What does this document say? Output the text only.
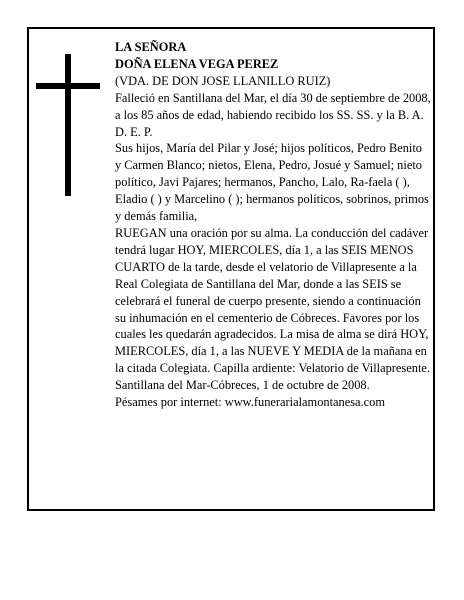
LA SEÑORA

DOÑA ELENA VEGA PEREZ

(VDA. DE DON JOSE LLANILLO RUIZ)

Falleció en Santillana del Mar, el día 30 de septiembre de 2008, a los 85 años de edad, habiendo recibido los SS. SS. y la B. A.

D. E. P.

Sus hijos, María del Pilar y José; hijos políticos, Pedro Benito y Carmen Blanco; nietos, Elena, Pedro, Josué y Samuel; nieto político, Javi Pajares; hermanos, Pancho, Lalo, Ra-faela ( ), Eladio ( ) y Marcelino ( ); hermanos políticos, sobrinos, primos y demás familia,

RUEGAN una oración por su alma. La conducción del cadáver tendrá lugar HOY, MIERCOLES, día 1, a las SEIS MENOS CUARTO de la tarde, desde el velatorio de Villapresente a la Real Colegiata de Santillana del Mar, donde a las SEIS se celebrará el funeral de cuerpo presente, siendo a continuación su inhumación en el cementerio de Cóbreces. Favores por los cuales les quedarán agradecidos. La misa de alma se dirá HOY, MIERCOLES, día 1, a las NUEVE Y MEDIA de la mañana en la citada Colegiata. Capilla ardiente: Velatorio de Villapresente.

Santillana del Mar-Cóbreces, 1 de octubre de 2008.

Pésames por internet: www.funerarialamontanesa.com
